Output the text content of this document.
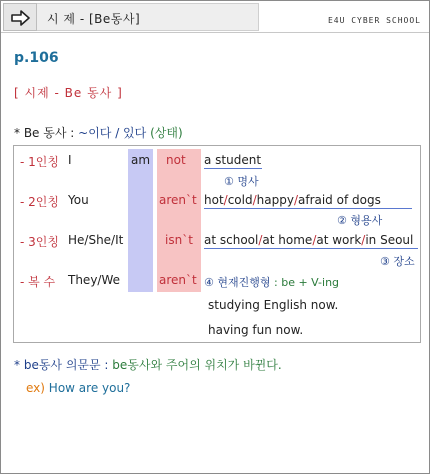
시 제 - [Be동사]	E4U CYBER SCHOOL
p.106
[ 시제 - Be 동사 ]
* Be 동사 : ~이다 / 있다 (상태)
- 1인칭 I	am not a student
① 명사
- 2인칭 You	aren`t hot/cold/happy/afraid of dogs
② 형용사
- 3인칭 He/She/It	isn`t at school/at home/at work/in Seoul
③ 장소
- 복 수 They/We	aren`t ④ 현재진행형 : be + V-ing
studying English now.
having fun now.
* be동사 의문문 : be동사와 주어의 위치가 바뀐다.
ex) How are you?
